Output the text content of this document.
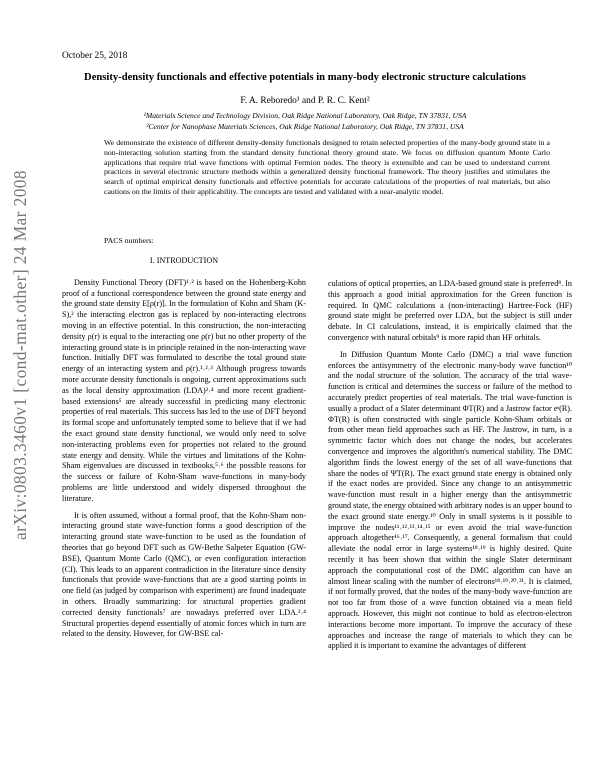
October 25, 2018
Density-density functionals and effective potentials in many-body electronic structure calculations
F. A. Reboredo¹ and P. R. C. Kent²
¹Materials Science and Technology Division, Oak Ridge National Laboratory, Oak Ridge, TN 37831, USA
²Center for Nanophase Materials Sciences, Oak Ridge National Laboratory, Oak Ridge, TN 37831, USA
We demonstrate the existence of different density-density functionals designed to retain selected properties of the many-body ground state in a non-interacting solution starting from the standard density functional theory ground state. We focus on diffusion quantum Monte Carlo applications that require trial wave functions with optimal Fermion nodes. The theory is extensible and can be used to understand current practices in several electronic structure methods within a generalized density functional framework. The theory justifies and stimulates the search of optimal empirical density functionals and effective potentials for accurate calculations of the properties of real materials, but also cautions on the limits of their applicability. The concepts are tested and validated with a near-analytic model.
PACS numbers:
arXiv:0803.3460v1 [cond-mat.other] 24 Mar 2008	I. INTRODUCTION

Density Functional Theory (DFT)¹˒² is based on the Hohenberg-Kohn proof of a functional correspondence between the ground state energy and the ground state density E[ρ(r)]. In the formulation of Kohn and Sham (K-S),² the interacting electron gas is replaced by non-interacting electrons moving in an effective potential. In this construction, the non-interacting density ρ(r) is equal to the interacting one ρ(r) but no other property of the interacting ground state is in principle retained in the non-interacting wave function. Initially DFT was formulated to describe the total ground state energy of an interacting system and ρ(r).¹˒²˒³ Although progress towards more accurate density functionals is ongoing, current approximations such as the local density approximation (LDA)²˒⁴ and more recent gradient-based extensions⁵ are already successful in predicting many electronic properties of real materials. This success has led to the use of DFT beyond its formal scope and unfortunately tempted some to believe that if we had the exact ground state density functional, we would only need to solve non-interacting problems even for properties not related to the ground state energy and density. While the virtues and limitations of the Kohn-Sham eigenvalues are discussed in textbooks,⁵˒⁶ the possible reasons for the success or failure of Kohn-Sham wave-functions in many-body problems are little understood and widely dispersed throughout the literature.

It is often assumed, without a formal proof, that the Kohn-Sham non-interacting ground state wave-function forms a good description of the interacting ground state wave-function to be used as the foundation of theories that go beyond DFT such as GW-Bethe Salpeter Equation (GW-BSE), Quantum Monte Carlo (QMC), or even configuration interaction (CI). This leads to an apparent contradiction in the literature since density functionals that provide wave-functions that are a good starting points in one field (as judged by comparison with experiment) are found inadequate in others. Broadly summarizing: for structural properties gradient corrected density functionals⁷ are nowadays preferred over LDA.²˒⁴ Structural properties depend essentially of atomic forces which in turn are related to the density. However, for GW-BSE cal-

culations of optical properties, an LDA-based ground state is preferred⁸. In this approach a good initial approximation for the Green function is required. In QMC calculations a (non-interacting) Hartree-Fock (HF) ground state might be preferred over LDA, but the subject is still under debate. In CI calculations, instead, it is empirically claimed that the convergence with natural orbitals⁹ is more rapid than HF orbitals.

In Diffusion Quantum Monte Carlo (DMC) a trial wave function enforces the antisymmetry of the electronic many-body wave function¹⁰ and the nodal structure of the solution. The accuracy of the trial wave-function is critical and determines the success or failure of the method to accurately predict properties of real materials. The trial wave-function is usually a product of a Slater determinant ΦT(R) and a Jastrow factor eˢ(R). ΦT(R) is often constructed with single particle Kohn-Sham orbitals or from other mean field approaches such as HF. The Jastrow, in turn, is a symmetric factor which does not change the nodes, but accelerates convergence and improves the algorithm's numerical stability. The DMC algorithm finds the lowest energy of the set of all wave-functions that share the nodes of ΨT(R). The exact ground state energy is obtained only if the exact nodes are provided. Since any change to an antisymmetric wave-function must result in a higher energy than the antisymmetric ground state, the energy obtained with arbitrary nodes is an upper bound to the exact ground state energy.¹⁰ Only in small systems is it possible to improve the nodes¹¹˒¹²˒¹³˒¹⁴˒¹⁵ or even avoid the trial wave-function approach altogether¹⁶˒¹⁷. Consequently, a general formalism that could alleviate the nodal error in large systems¹⁸˒¹⁹ is highly desired. Quite recently it has been shown that within the single Slater determinant approach the computational cost of the DMC algorithm can have an almost linear scaling with the number of electrons¹⁸˒¹⁹˒²⁰˒²¹. It is claimed, if not formally proved, that the nodes of the many-body wave-function are not too far from those of a wave function obtained via a mean field approach. However, this might not continue to hold as electron-electron interactions become more important. To improve the accuracy of these approaches and increase the range of materials to which they can be applied it is important to examine the advantages of different
